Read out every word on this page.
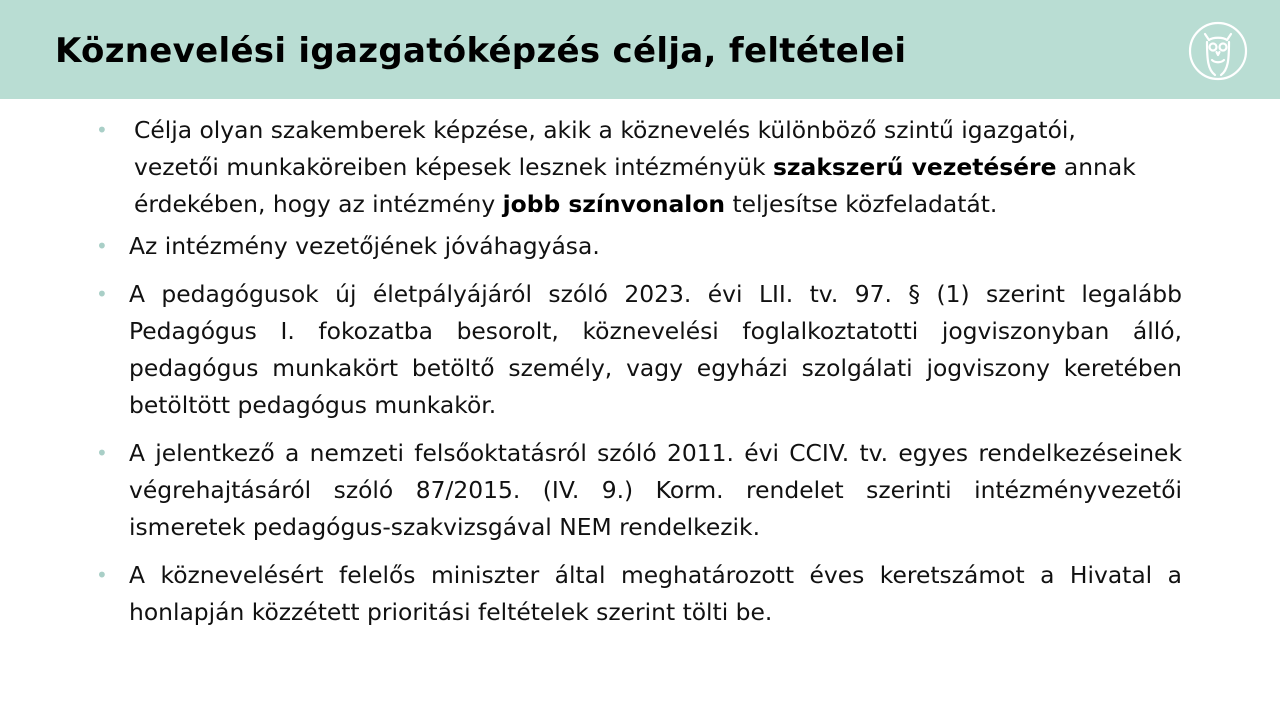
Köznevelési igazgatóképzés célja, feltételei
• Célja olyan szakemberek képzése, akik a köznevelés különböző szintű igazgatói, vezetői munkaköreiben képesek lesznek intézményük szakszerű vezetésére annak érdekében, hogy az intézmény jobb színvonalon teljesítse közfeladatát.
• Az intézmény vezetőjének jóváhagyása.
• A pedagógusok új életpályájáról szóló 2023. évi LII. tv. 97. § (1) szerint legalább Pedagógus I. fokozatba besorolt, köznevelési foglalkoztatotti jogviszonyban álló, pedagógus munkakört betöltő személy, vagy egyházi szolgálati jogviszony keretében betöltött pedagógus munkakör.
• A jelentkező a nemzeti felsőoktatásról szóló 2011. évi CCIV. tv. egyes rendelkezéseinek végrehajtásáról szóló 87/2015. (IV. 9.) Korm. rendelet szerinti intézményvezetői ismeretek pedagógus-szakvizsgával NEM rendelkezik.
• A köznevelésért felelős miniszter által meghatározott éves keretszámot a Hivatal a honlapján közzétett prioritási feltételek szerint tölti be.
